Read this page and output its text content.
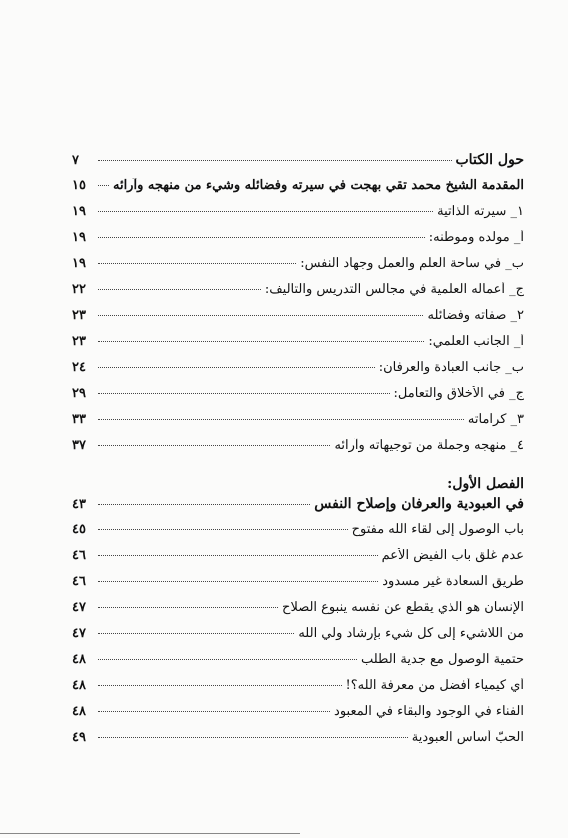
حول الكتاب
٧
المقدمة الشيخ محمد تقي بهجت في سيرته وفضائله وشيء من منهجه وآرائه
١٥
١_ سيرته الذاتية
١٩
أ_ مولده وموطنه:
١٩
ب_ في ساحة العلم والعمل وجهاد النفس:
١٩
ج_ أعماله العلمية في مجالس التدريس والتأليف:
٢٢
٢_ صفاته وفضائله
٢٣
أ_ الجانب العلمي:
٢٣
ب_ جانب العبادة والعرفان:
٢٤
ج_ في الأخلاق والتعامل:
٢٩
٣_ كراماته
٣٣
٤_ منهجه وجملة من توجيهاته وآرائه
٣٧
الفصل الأول:
في العبودية والعرفان وإصلاح النفس
٤٣
باب الوصول إلى لقاء الله مفتوح
٤٥
عدم غلق باب الفيض الأعم
٤٦
طريق السعادة غير مسدود
٤٦
الإنسان هو الذي يقطع عن نفسه ينبوع الصلاح
٤٧
من اللاشيء إلى كل شيء بإرشاد ولي الله
٤٧
حتمية الوصول مع جدية الطلب
٤٨
أي كيمياء أفضل من معرفة الله؟!
٤٨
الفناء في الوجود والبقاء في المعبود
٤٨
الحبّ أساس العبودية
٤٩
